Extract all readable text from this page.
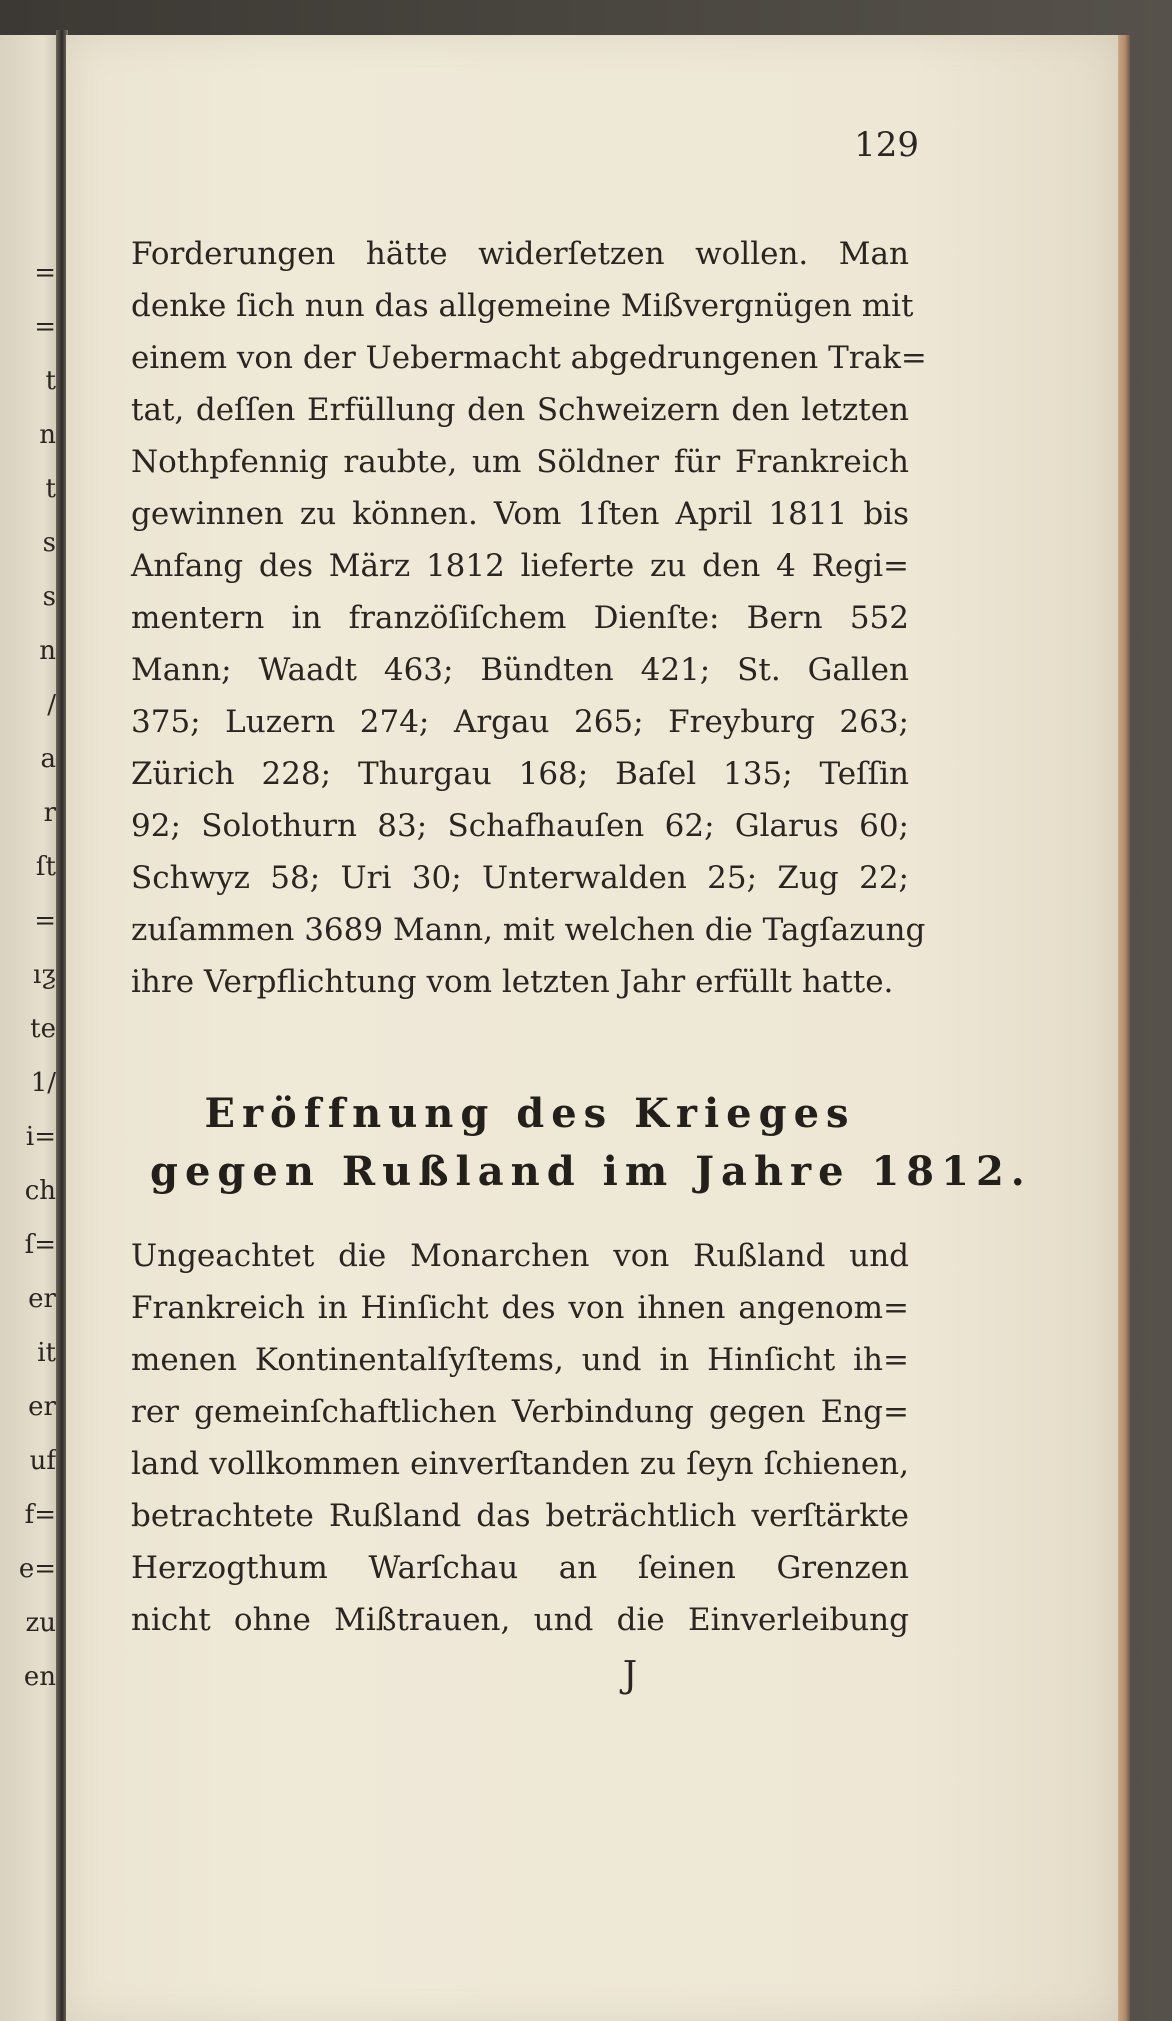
=
=
t
n
t
s
s
n
/
a
r
ſt
=
ıƺ
te
1/
i=
ch
ſ=
er
it
er
uf
f=
e=
zu
en
129
Forderungen hätte widerſetzen wollen. Man
denke ſich nun das allgemeine Mißvergnügen mit
einem von der Uebermacht abgedrungenen Trak=
tat, deſſen Erfüllung den Schweizern den letzten
Nothpfennig raubte, um Söldner für Frankreich
gewinnen zu können. Vom 1ſten April 1811 bis
Anfang des März 1812 lieferte zu den 4 Regi=
mentern in franzöſiſchem Dienſte: Bern 552
Mann; Waadt 463; Bündten 421; St. Gallen
375; Luzern 274; Argau 265; Freyburg 263;
Zürich 228; Thurgau 168; Baſel 135; Teſſin
92; Solothurn 83; Schafhauſen 62; Glarus 60;
Schwyz 58; Uri 30; Unterwalden 25; Zug 22;
zuſammen 3689 Mann, mit welchen die Tagſazung
ihre Verpflichtung vom letzten Jahr erfüllt hatte.
Eröffnung des Krieges
gegen Rußland im Jahre 1812.
Ungeachtet die Monarchen von Rußland und
Frankreich in Hinſicht des von ihnen angenom=
menen Kontinentalſyſtems, und in Hinſicht ih=
rer gemeinſchaftlichen Verbindung gegen Eng=
land vollkommen einverſtanden zu ſeyn ſchienen,
betrachtete Rußland das beträchtlich verſtärkte
Herzogthum Warſchau an ſeinen Grenzen
nicht ohne Mißtrauen, und die Einverleibung
J
